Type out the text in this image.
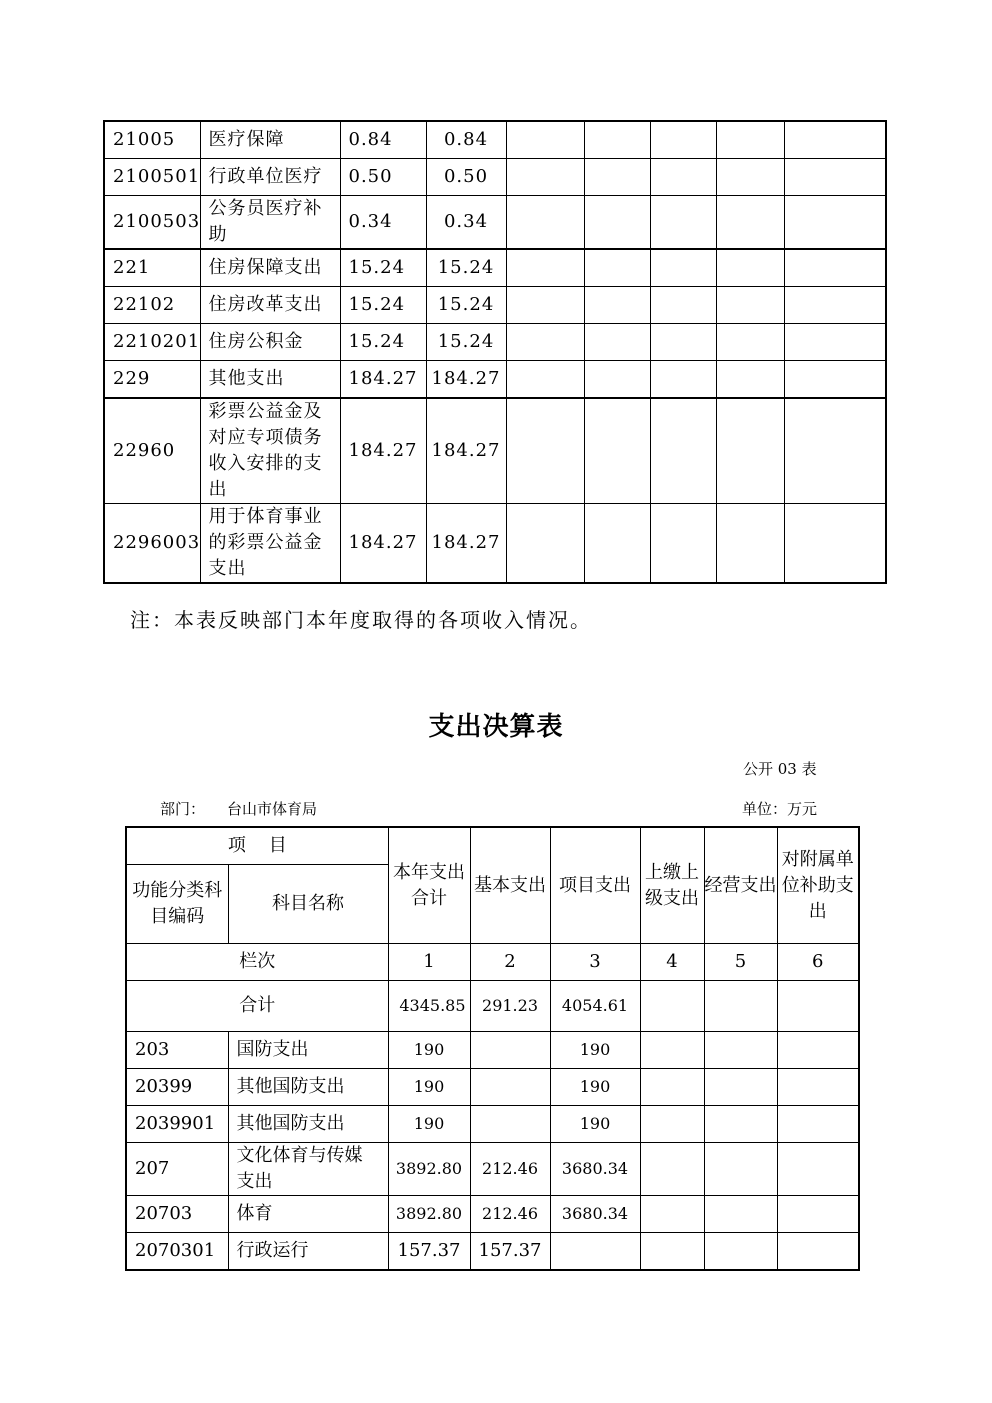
21005	医疗保障	0.84	0.84					
2100501	行政单位医疗	0.50	0.50					
2100503	公务员医疗补助	0.34	0.34					
221	住房保障支出	15.24	15.24					
22102	住房改革支出	15.24	15.24					
2210201	住房公积金	15.24	15.24					
229	其他支出	184.27	184.27					
22960	彩票公益金及对应专项债务收入安排的支出	184.27	184.27					
2296003	用于体育事业的彩票公益金支出	184.27	184.27					
注：本表反映部门本年度取得的各项收入情况。
支出决算表
公开 03 表
部门： 台山市体育局	单位：万元
项    目		本年支出合计	基本支出	项目支出	上缴上级支出	经营支出	对附属单位补助支出
功能分类科目编码	科目名称						
栏次		1	2	3	4	5	6
合计		4345.85	291.23	4054.61			
203	国防支出	190		190			
20399	其他国防支出	190		190			
2039901	其他国防支出	190		190			
207	文化体育与传媒支出	3892.80	212.46	3680.34			
20703	体育	3892.80	212.46	3680.34			
2070301	行政运行	157.37	157.37				
